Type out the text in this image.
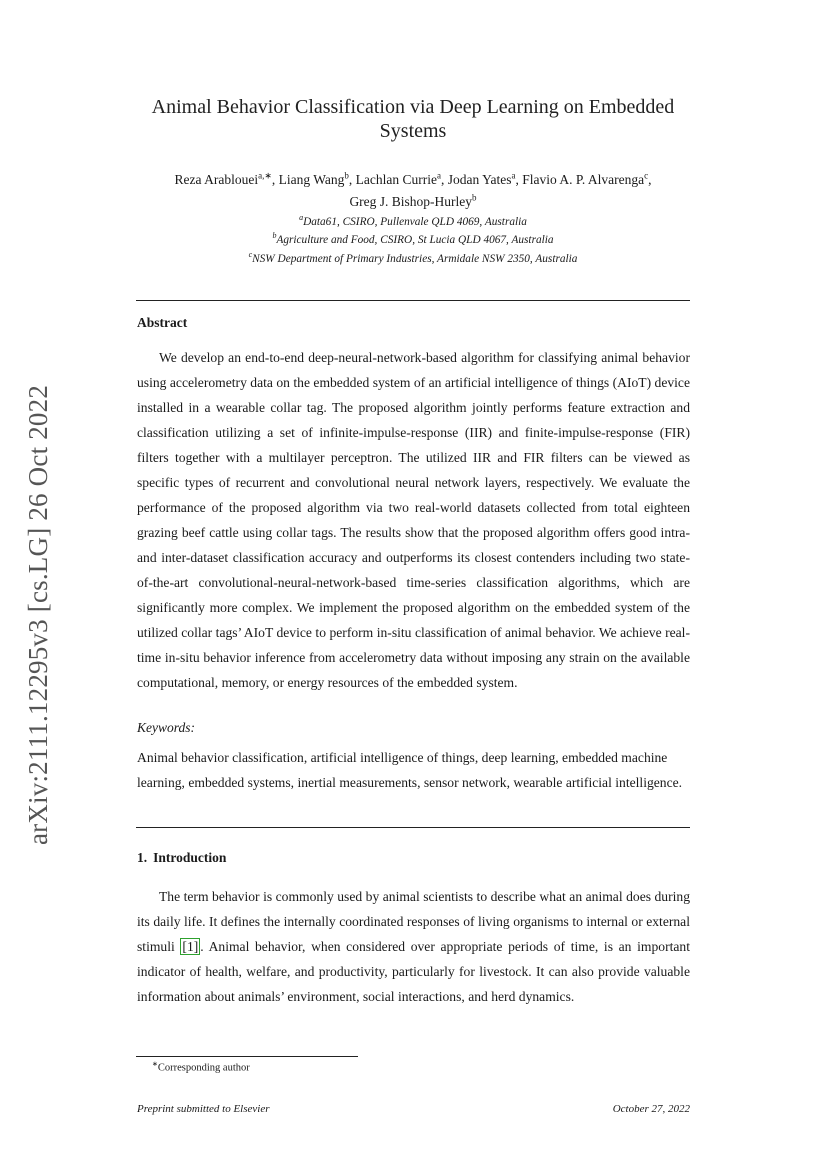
arXiv:2111.12295v3 [cs.LG] 26 Oct 2022
Animal Behavior Classification via Deep Learning on Embedded Systems
Reza Arablouei$^{a,∗}$, Liang Wang$^b$, Lachlan Currie$^a$, Jodan Yates$^a$, Flavio A. P. Alvarenga$^c$,
Greg J. Bishop-Hurley$^b$
$^a$Data61, CSIRO, Pullenvale QLD 4069, Australia
$^b$Agriculture and Food, CSIRO, St Lucia QLD 4067, Australia
$^c$NSW Department of Primary Industries, Armidale NSW 2350, Australia
Abstract

We develop an end-to-end deep-neural-network-based algorithm for classifying animal behavior using accelerometry data on the embedded system of an artificial intelligence of things (AIoT) device installed in a wearable collar tag. The proposed algorithm jointly performs feature extraction and classification utilizing a set of infinite-impulse-response (IIR) and finite-impulse-response (FIR) filters together with a multilayer perceptron. The utilized IIR and FIR filters can be viewed as specific types of recurrent and convolutional neural network layers, respectively. We evaluate the performance of the proposed algorithm via two real-world datasets collected from total eighteen grazing beef cattle using collar tags. The results show that the proposed algorithm offers good intra- and inter-dataset classification accuracy and outperforms its closest contenders including two state-of-the-art convolutional-neural-network-based time-series classification algorithms, which are significantly more complex. We implement the proposed algorithm on the embedded system of the utilized collar tags’ AIoT device to perform in-situ classification of animal behavior. We achieve real-time in-situ behavior inference from accelerometry data without imposing any strain on the available computational, memory, or energy resources of the embedded system.

Keywords:

Animal behavior classification, artificial intelligence of things, deep learning, embedded machine learning, embedded systems, inertial measurements, sensor network, wearable artificial intelligence.

1. Introduction

The term behavior is commonly used by animal scientists to describe what an animal does during its daily life. It defines the internally coordinated responses of living organisms to internal or external stimuli [1] . Animal behavior, when considered over appropriate periods of time, is an important indicator of health, welfare, and productivity, particularly for livestock. It can also provide valuable information about animals’ environment, social interactions, and herd dynamics.

∗Corresponding author
Preprint submitted to Elsevier	October 27, 2022
